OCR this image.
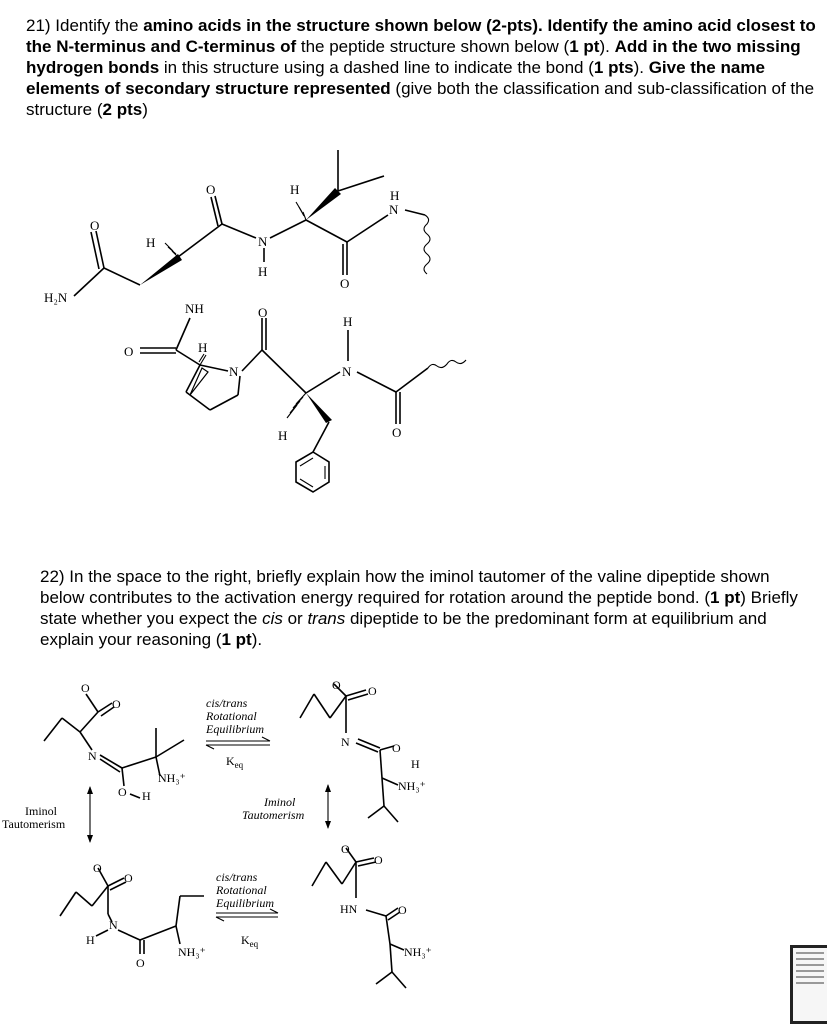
21) Identify the amino acids in the structure shown below (2-pts). Identify the amino acid closest to the N-terminus and C-terminus of the peptide structure shown below (1 pt). Add in the two missing hydrogen bonds in this structure using a dashed line to indicate the bond (1 pts). Give the name elements of secondary structure represented (give both the classification and sub-classification of the structure (2 pts)
22) In the space to the right, briefly explain how the iminol tautomer of the valine dipeptide shown below contributes to the activation energy required for rotation around the peptide bond. (1 pt) Briefly state whether you expect the cis or trans dipeptide to be the predominant form at equilibrium and explain your reasoning (1 pt).
H₂N
O
H
O
N
H
H
O
H
N
NH
O	H
N
O
H
H
N
O
cis/trans
Rotational
Equilibrium
$K_{eq}$
cis/trans
Rotational
Equilibrium
$K_{eq}$
Iminol
Tautomerism
Iminol
Tautomerism
O
O
N
O H
NH₃⁺
O O
N	O
H
NH₃⁺
O
O
N
H
O
NH₃⁺
O
O
HN	O
NH₃⁺
